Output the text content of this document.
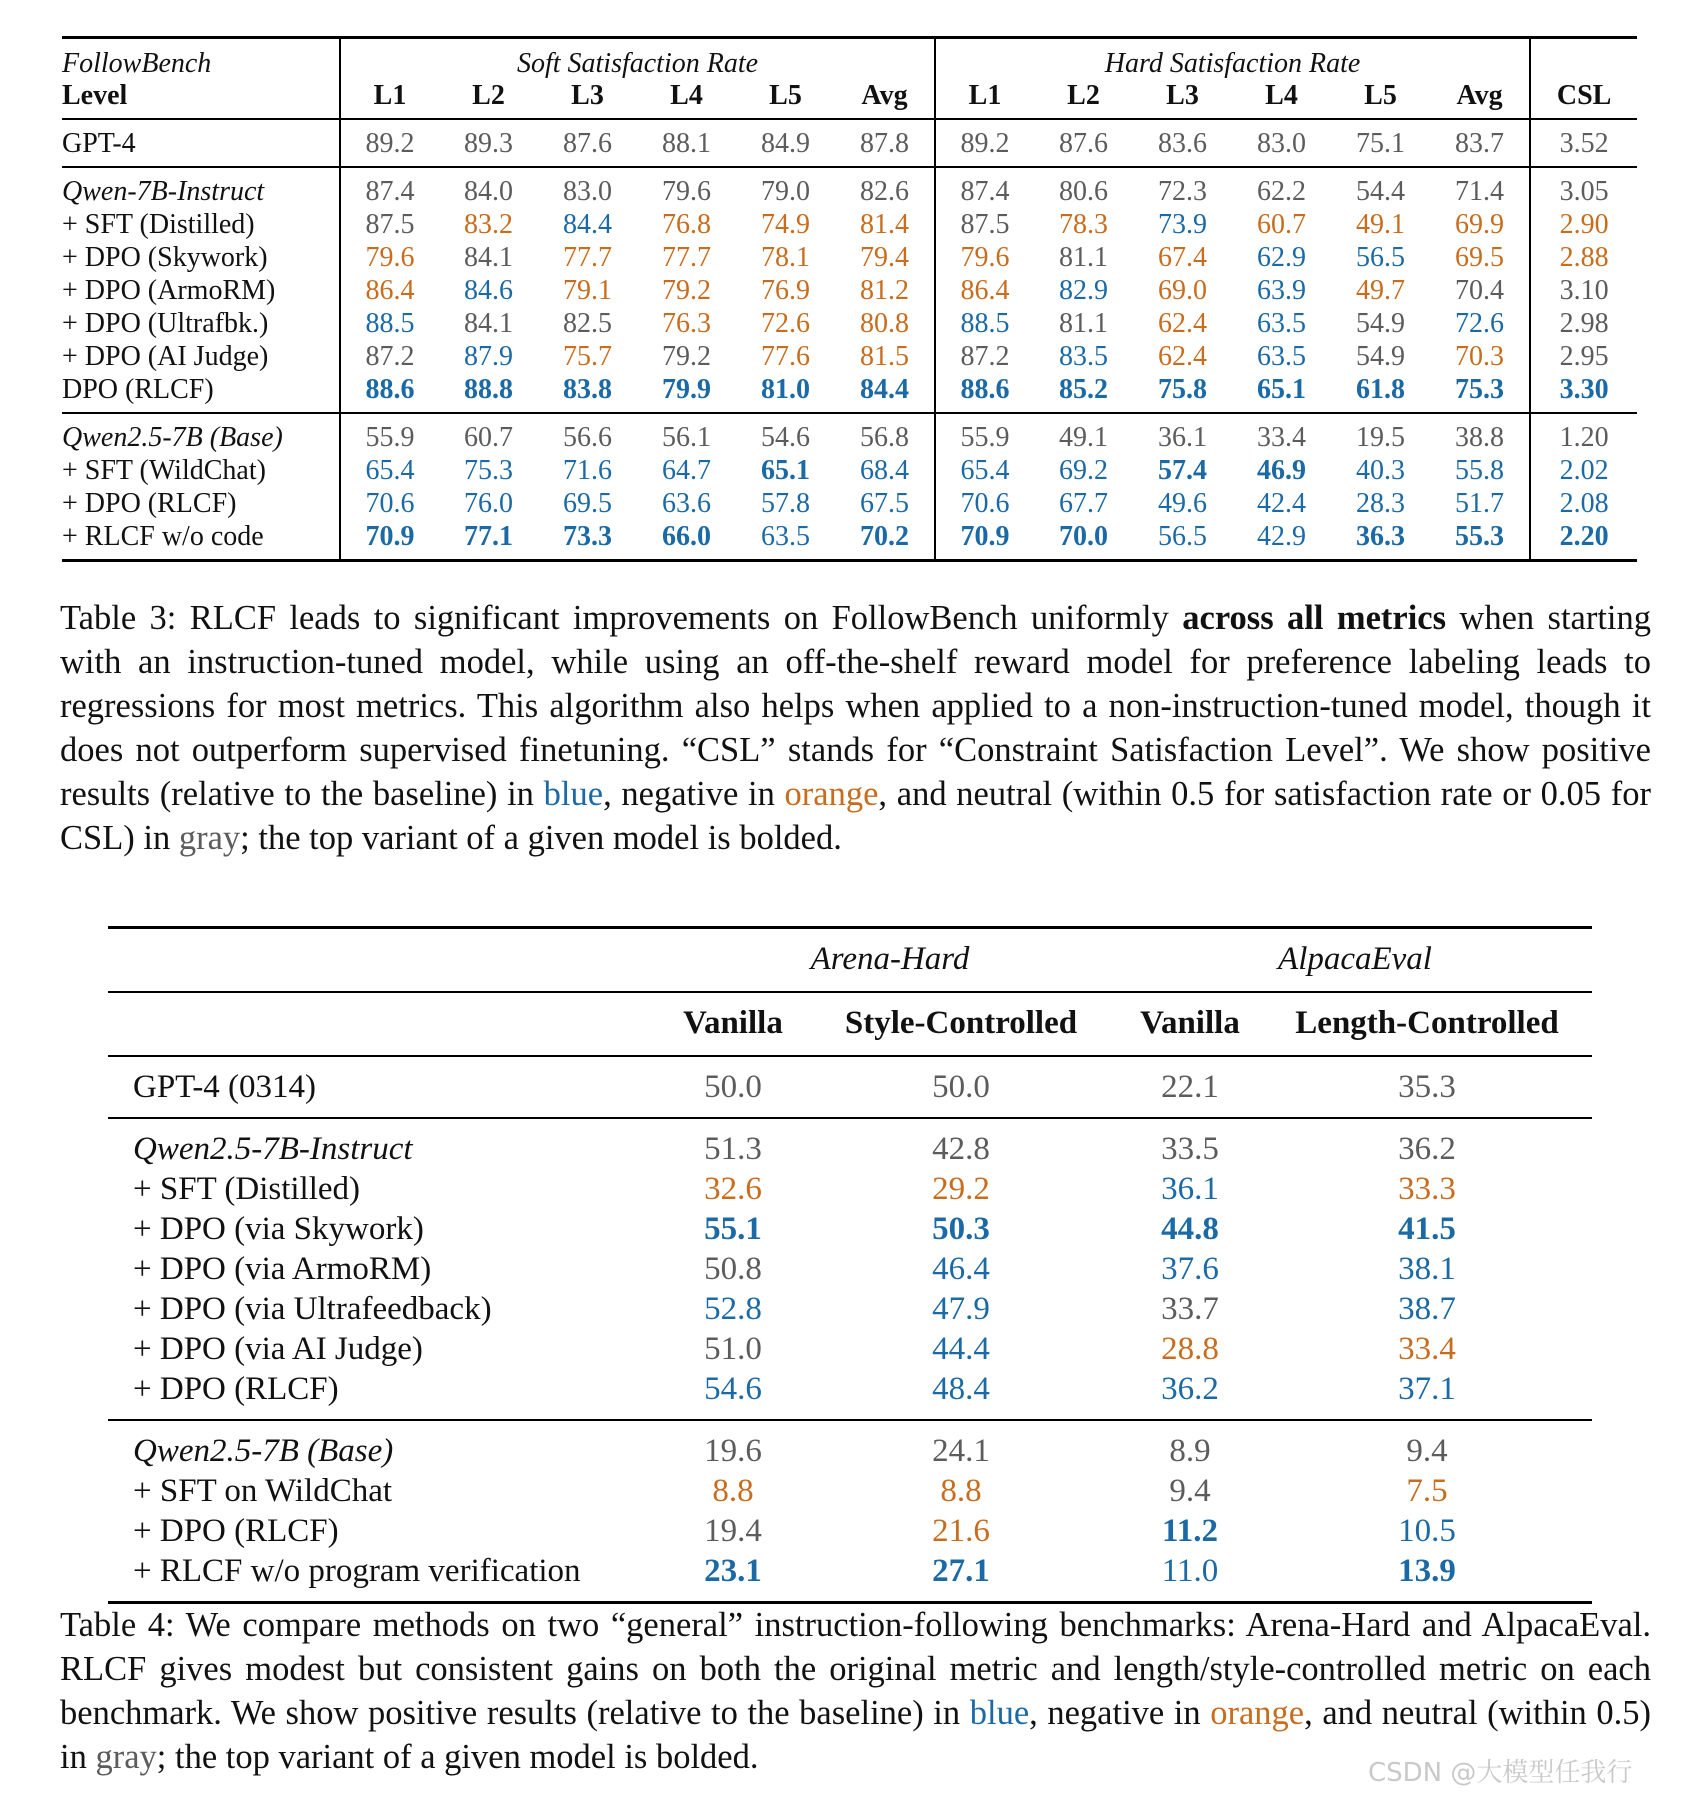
FollowBench	Soft Satisfaction Rate						Hard Satisfaction Rate						
Level	L1	L2	L3	L4	L5	Avg	L1	L2	L3	L4	L5	Avg	CSL
GPT-4	89.2	89.3	87.6	88.1	84.9	87.8	89.2	87.6	83.6	83.0	75.1	83.7	3.52
Qwen-7B-Instruct	87.4	84.0	83.0	79.6	79.0	82.6	87.4	80.6	72.3	62.2	54.4	71.4	3.05
+ SFT (Distilled)	87.5	83.2	84.4	76.8	74.9	81.4	87.5	78.3	73.9	60.7	49.1	69.9	2.90
+ DPO (Skywork)	79.6	84.1	77.7	77.7	78.1	79.4	79.6	81.1	67.4	62.9	56.5	69.5	2.88
+ DPO (ArmoRM)	86.4	84.6	79.1	79.2	76.9	81.2	86.4	82.9	69.0	63.9	49.7	70.4	3.10
+ DPO (Ultrafbk.)	88.5	84.1	82.5	76.3	72.6	80.8	88.5	81.1	62.4	63.5	54.9	72.6	2.98
+ DPO (AI Judge)	87.2	87.9	75.7	79.2	77.6	81.5	87.2	83.5	62.4	63.5	54.9	70.3	2.95
DPO (RLCF)	88.6	88.8	83.8	79.9	81.0	84.4	88.6	85.2	75.8	65.1	61.8	75.3	3.30
Qwen2.5-7B (Base)	55.9	60.7	56.6	56.1	54.6	56.8	55.9	49.1	36.1	33.4	19.5	38.8	1.20
+ SFT (WildChat)	65.4	75.3	71.6	64.7	65.1	68.4	65.4	69.2	57.4	46.9	40.3	55.8	2.02
+ DPO (RLCF)	70.6	76.0	69.5	63.6	57.8	67.5	70.6	67.7	49.6	42.4	28.3	51.7	2.08
+ RLCF w/o code	70.9	77.1	73.3	66.0	63.5	70.2	70.9	70.0	56.5	42.9	36.3	55.3	2.20
Table 3: RLCF leads to significant improvements on FollowBench uniformly across all metrics when starting with an instruction-tuned model, while using an off-the-shelf reward model for preference labeling leads to regressions for most metrics. This algorithm also helps when applied to a non-instruction-tuned model, though it does not outperform supervised finetuning. “CSL” stands for “Constraint Satisfaction Level”. We show positive results (relative to the baseline) in blue, negative in orange, and neutral (within 0.5 for satisfaction rate or 0.05 for CSL) in gray; the top variant of a given model is bolded.
	Arena-Hard		AlpacaEval	
	Vanilla	Style-Controlled	Vanilla	Length-Controlled
GPT-4 (0314)	50.0	50.0	22.1	35.3
Qwen2.5-7B-Instruct	51.3	42.8	33.5	36.2
+ SFT (Distilled)	32.6	29.2	36.1	33.3
+ DPO (via Skywork)	55.1	50.3	44.8	41.5
+ DPO (via ArmoRM)	50.8	46.4	37.6	38.1
+ DPO (via Ultrafeedback)	52.8	47.9	33.7	38.7
+ DPO (via AI Judge)	51.0	44.4	28.8	33.4
+ DPO (RLCF)	54.6	48.4	36.2	37.1
Qwen2.5-7B (Base)	19.6	24.1	8.9	9.4
+ SFT on WildChat	8.8	8.8	9.4	7.5
+ DPO (RLCF)	19.4	21.6	11.2	10.5
+ RLCF w/o program verification	23.1	27.1	11.0	13.9
Table 4: We compare methods on two “general” instruction-following benchmarks: Arena-Hard and AlpacaEval. RLCF gives modest but consistent gains on both the original metric and length/style-controlled metric on each benchmark. We show positive results (relative to the baseline) in blue, negative in orange, and neutral (within 0.5) in gray; the top variant of a given model is bolded.	CSDN @大模型任我行
